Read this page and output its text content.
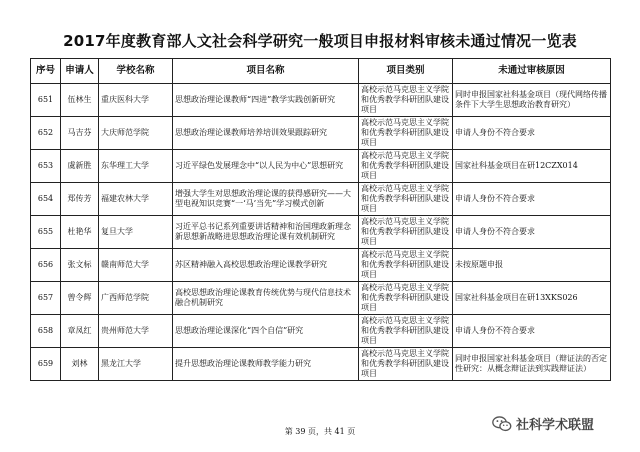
2017年度教育部人文社会科学研究一般项目申报材料审核未通过情况一览表
序号	申请人	学校名称	项目名称	项目类别	未通过审核原因
651	伍林生	重庆医科大学	思想政治理论课教师“四进”教学实践创新研究	高校示范马克思主义学院和优秀教学科研团队建设项目	同时申报国家社科基金项目（现代网络传播条件下大学生思想政治教育研究）
652	马吉芬	大庆师范学院	思想政治理论课教师培养培训效果跟踪研究	高校示范马克思主义学院和优秀教学科研团队建设项目	申请人身份不符合要求
653	虞新胜	东华理工大学	习近平绿色发展理念中“以人民为中心”思想研究	高校示范马克思主义学院和优秀教学科研团队建设项目	国家社科基金项目在研12CZX014
654	郑传芳	福建农林大学	增强大学生对思想政治理论课的获得感研究——大型电视知识竞赛“一‘马’当先”学习模式创新	高校示范马克思主义学院和优秀教学科研团队建设项目	申请人身份不符合要求
655	杜艳华	复旦大学	习近平总书记系列重要讲话精神和治国理政新理念新思想新战略进思想政治理论课有效机制研究	高校示范马克思主义学院和优秀教学科研团队建设项目	申请人身份不符合要求
656	张文标	赣南师范大学	苏区精神融入高校思想政治理论课教学研究	高校示范马克思主义学院和优秀教学科研团队建设项目	未按原题申报
657	曾令辉	广西师范学院	高校思想政治理论课教育传统优势与现代信息技术融合机制研究	高校示范马克思主义学院和优秀教学科研团队建设项目	国家社科基金项目在研13XKS026
658	章凤红	贵州师范大学	思想政治理论课深化“四个自信”研究	高校示范马克思主义学院和优秀教学科研团队建设项目	申请人身份不符合要求
659	刘林	黑龙江大学	提升思想政治理论课教师教学能力研究	高校示范马克思主义学院和优秀教学科研团队建设项目	同时申报国家社科基金项目（辩证法的否定性研究：从概念辩证法到实践辩证法）
第 39 页，共 41 页	社科学术联盟
